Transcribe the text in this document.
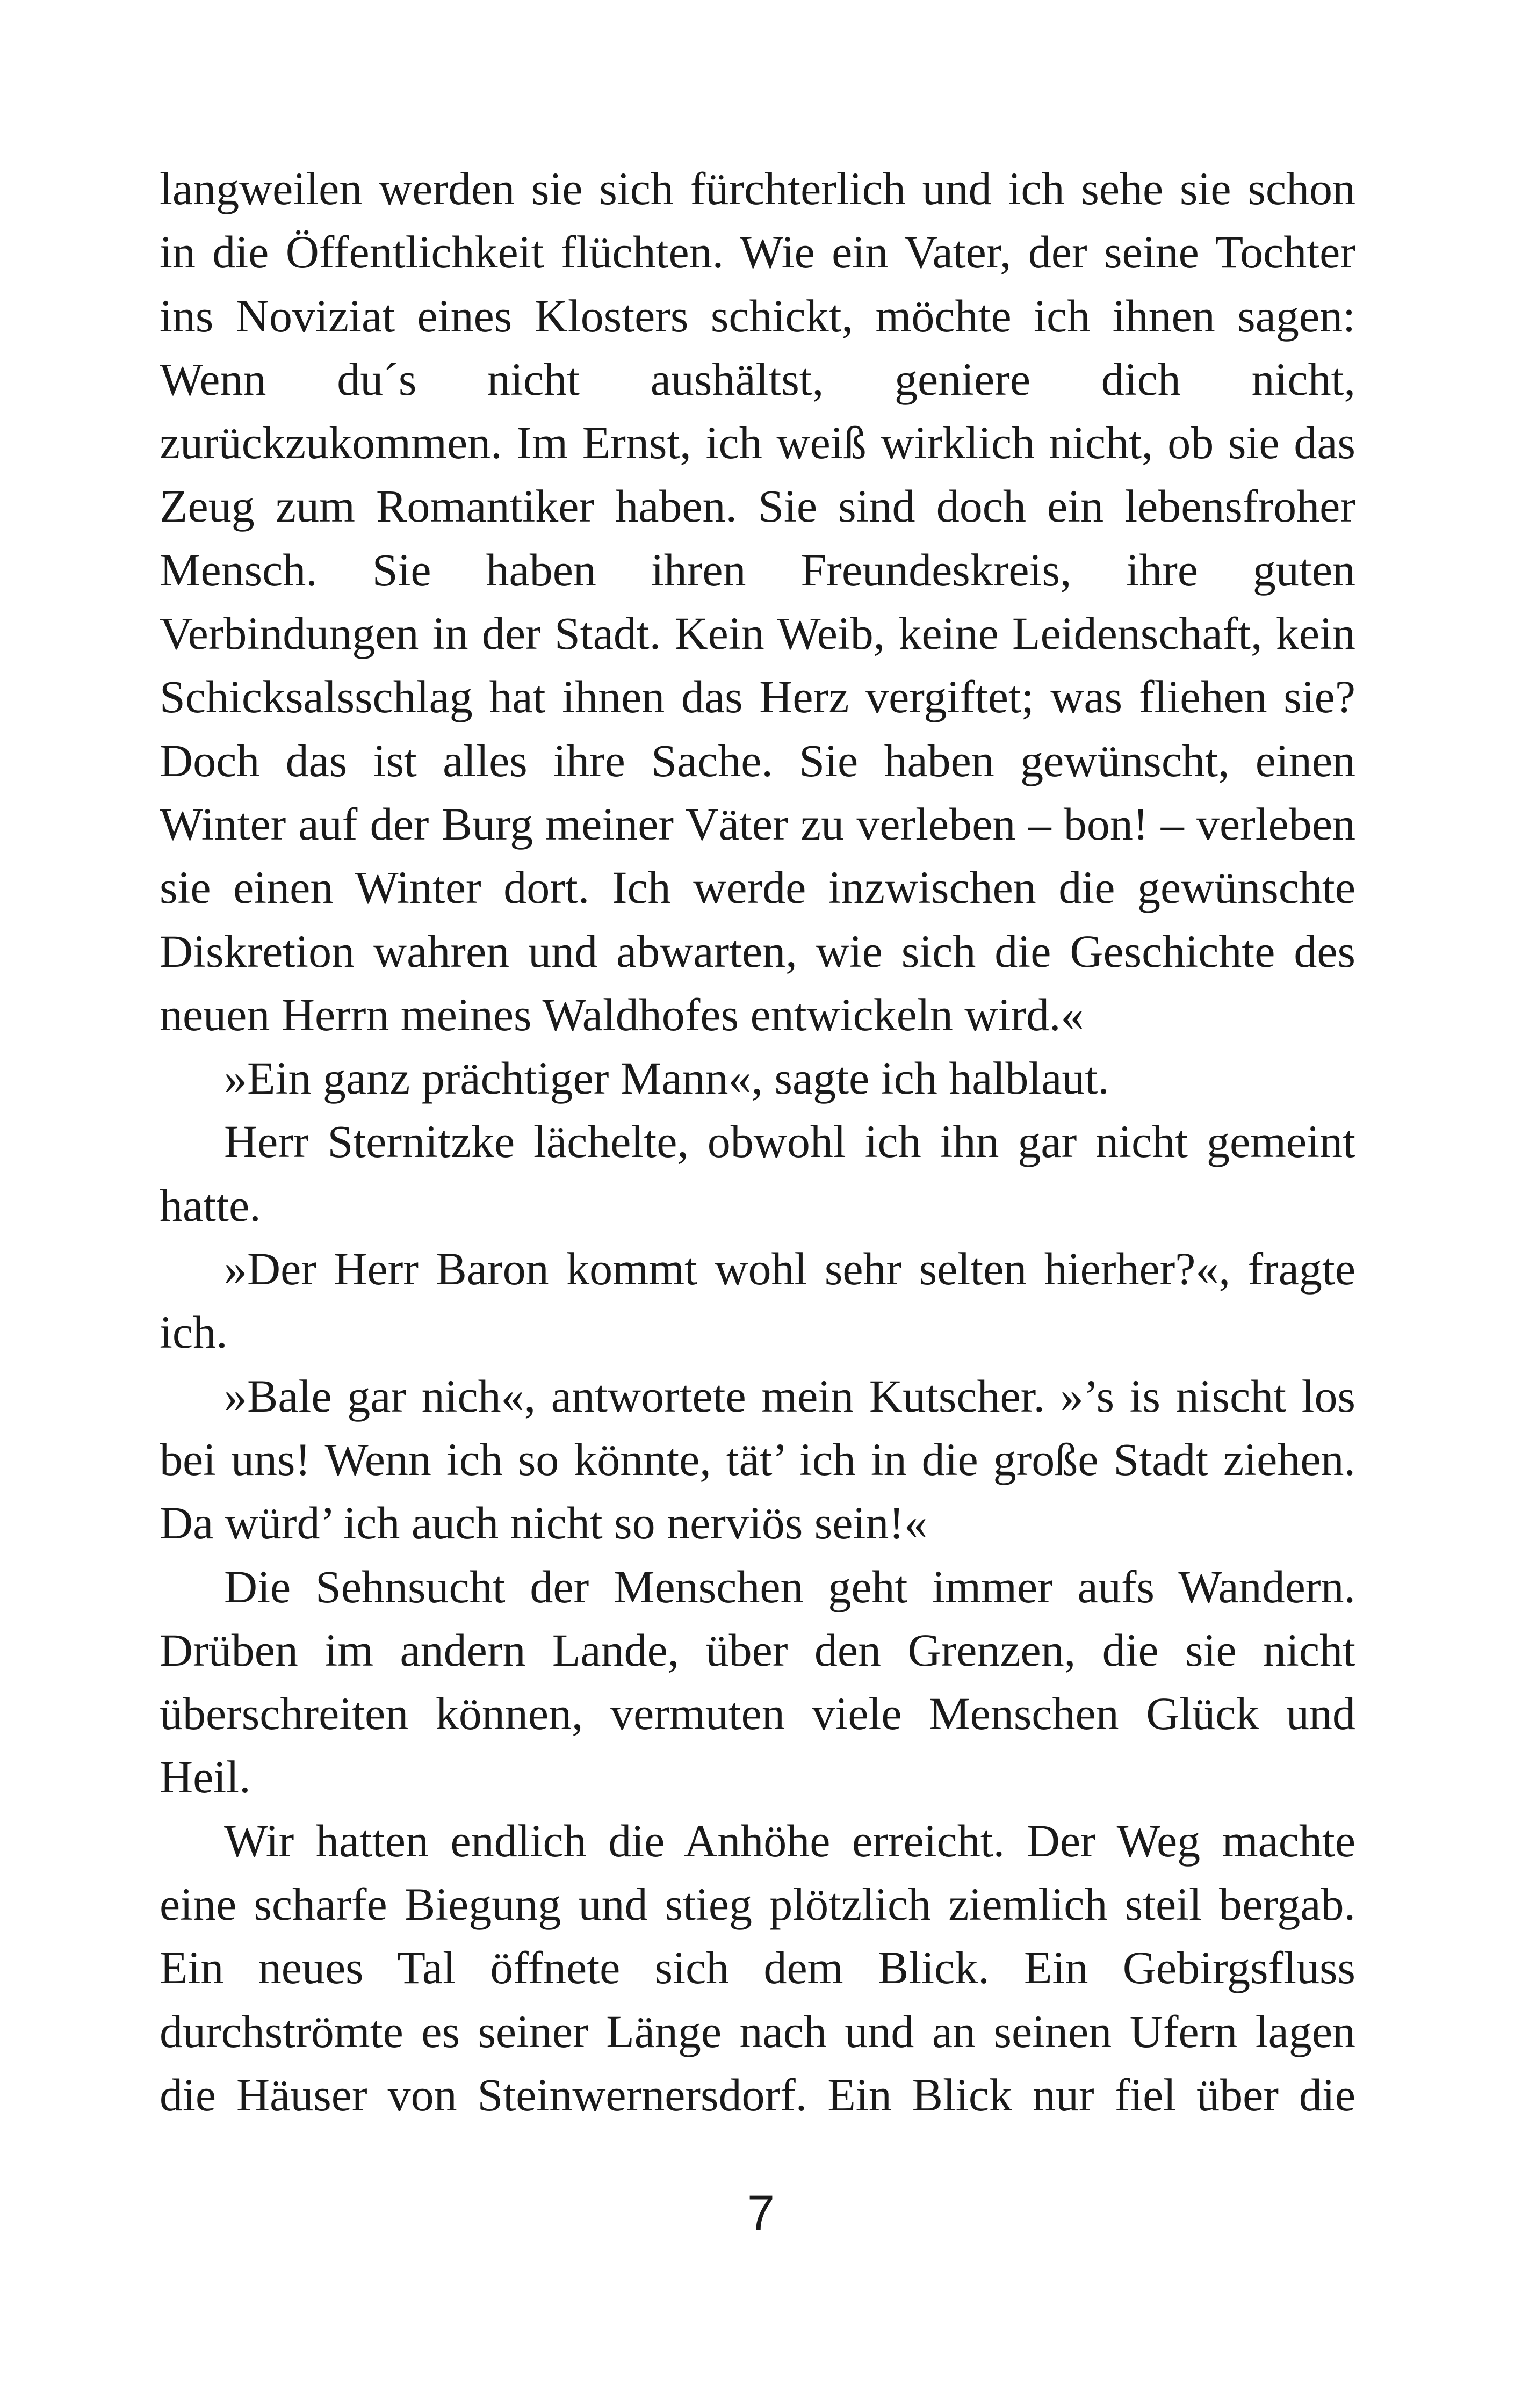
langweilen werden sie sich fürchterlich und ich sehe sie schon
in die Öffentlichkeit flüchten. Wie ein Vater, der seine Tochter
ins Noviziat eines Klosters schickt, möchte ich ihnen sagen:
Wenn du´s nicht aushältst, geniere dich nicht,
zurückzukommen. Im Ernst, ich weiß wirklich nicht, ob sie das
Zeug zum Romantiker haben. Sie sind doch ein lebensfroher
Mensch. Sie haben ihren Freundeskreis, ihre guten
Verbindungen in der Stadt. Kein Weib, keine Leidenschaft, kein
Schicksalsschlag hat ihnen das Herz vergiftet; was fliehen sie?
Doch das ist alles ihre Sache. Sie haben gewünscht, einen
Winter auf der Burg meiner Väter zu verleben – bon! – verleben
sie einen Winter dort. Ich werde inzwischen die gewünschte
Diskretion wahren und abwarten, wie sich die Geschichte des
neuen Herrn meines Waldhofes entwickeln wird.«
»Ein ganz prächtiger Mann«, sagte ich halblaut.
Herr Sternitzke lächelte, obwohl ich ihn gar nicht gemeint
hatte.
»Der Herr Baron kommt wohl sehr selten hierher?«, fragte
ich.
»Bale gar nich«, antwortete mein Kutscher. »’s is nischt los
bei uns! Wenn ich so könnte, tät’ ich in die große Stadt ziehen.
Da würd’ ich auch nicht so nerviös sein!«
Die Sehnsucht der Menschen geht immer aufs Wandern.
Drüben im andern Lande, über den Grenzen, die sie nicht
überschreiten können, vermuten viele Menschen Glück und
Heil.
Wir hatten endlich die Anhöhe erreicht. Der Weg machte
eine scharfe Biegung und stieg plötzlich ziemlich steil bergab.
Ein neues Tal öffnete sich dem Blick. Ein Gebirgsfluss
durchströmte es seiner Länge nach und an seinen Ufern lagen
die Häuser von Steinwernersdorf. Ein Blick nur fiel über die
7
